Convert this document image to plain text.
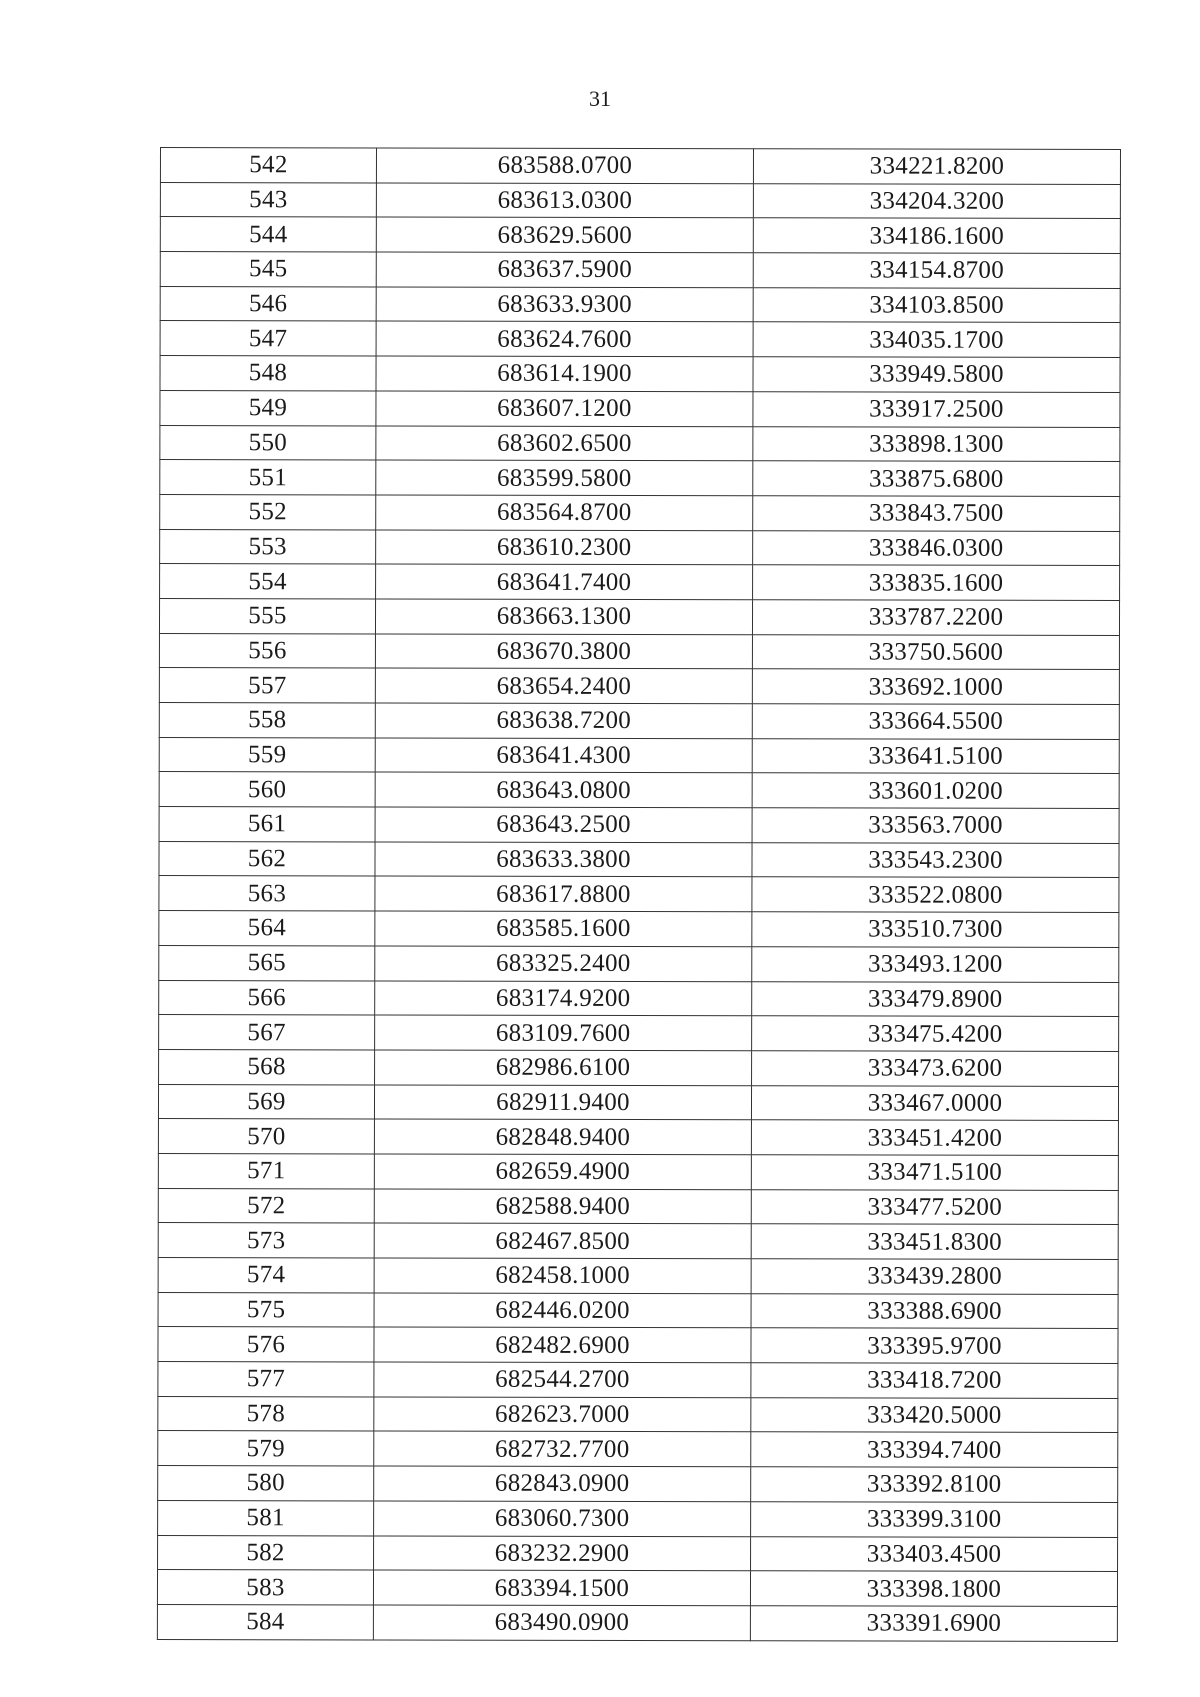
31
542	683588.0700	334221.8200
543	683613.0300	334204.3200
544	683629.5600	334186.1600
545	683637.5900	334154.8700
546	683633.9300	334103.8500
547	683624.7600	334035.1700
548	683614.1900	333949.5800
549	683607.1200	333917.2500
550	683602.6500	333898.1300
551	683599.5800	333875.6800
552	683564.8700	333843.7500
553	683610.2300	333846.0300
554	683641.7400	333835.1600
555	683663.1300	333787.2200
556	683670.3800	333750.5600
557	683654.2400	333692.1000
558	683638.7200	333664.5500
559	683641.4300	333641.5100
560	683643.0800	333601.0200
561	683643.2500	333563.7000
562	683633.3800	333543.2300
563	683617.8800	333522.0800
564	683585.1600	333510.7300
565	683325.2400	333493.1200
566	683174.9200	333479.8900
567	683109.7600	333475.4200
568	682986.6100	333473.6200
569	682911.9400	333467.0000
570	682848.9400	333451.4200
571	682659.4900	333471.5100
572	682588.9400	333477.5200
573	682467.8500	333451.8300
574	682458.1000	333439.2800
575	682446.0200	333388.6900
576	682482.6900	333395.9700
577	682544.2700	333418.7200
578	682623.7000	333420.5000
579	682732.7700	333394.7400
580	682843.0900	333392.8100
581	683060.7300	333399.3100
582	683232.2900	333403.4500
583	683394.1500	333398.1800
584	683490.0900	333391.6900
